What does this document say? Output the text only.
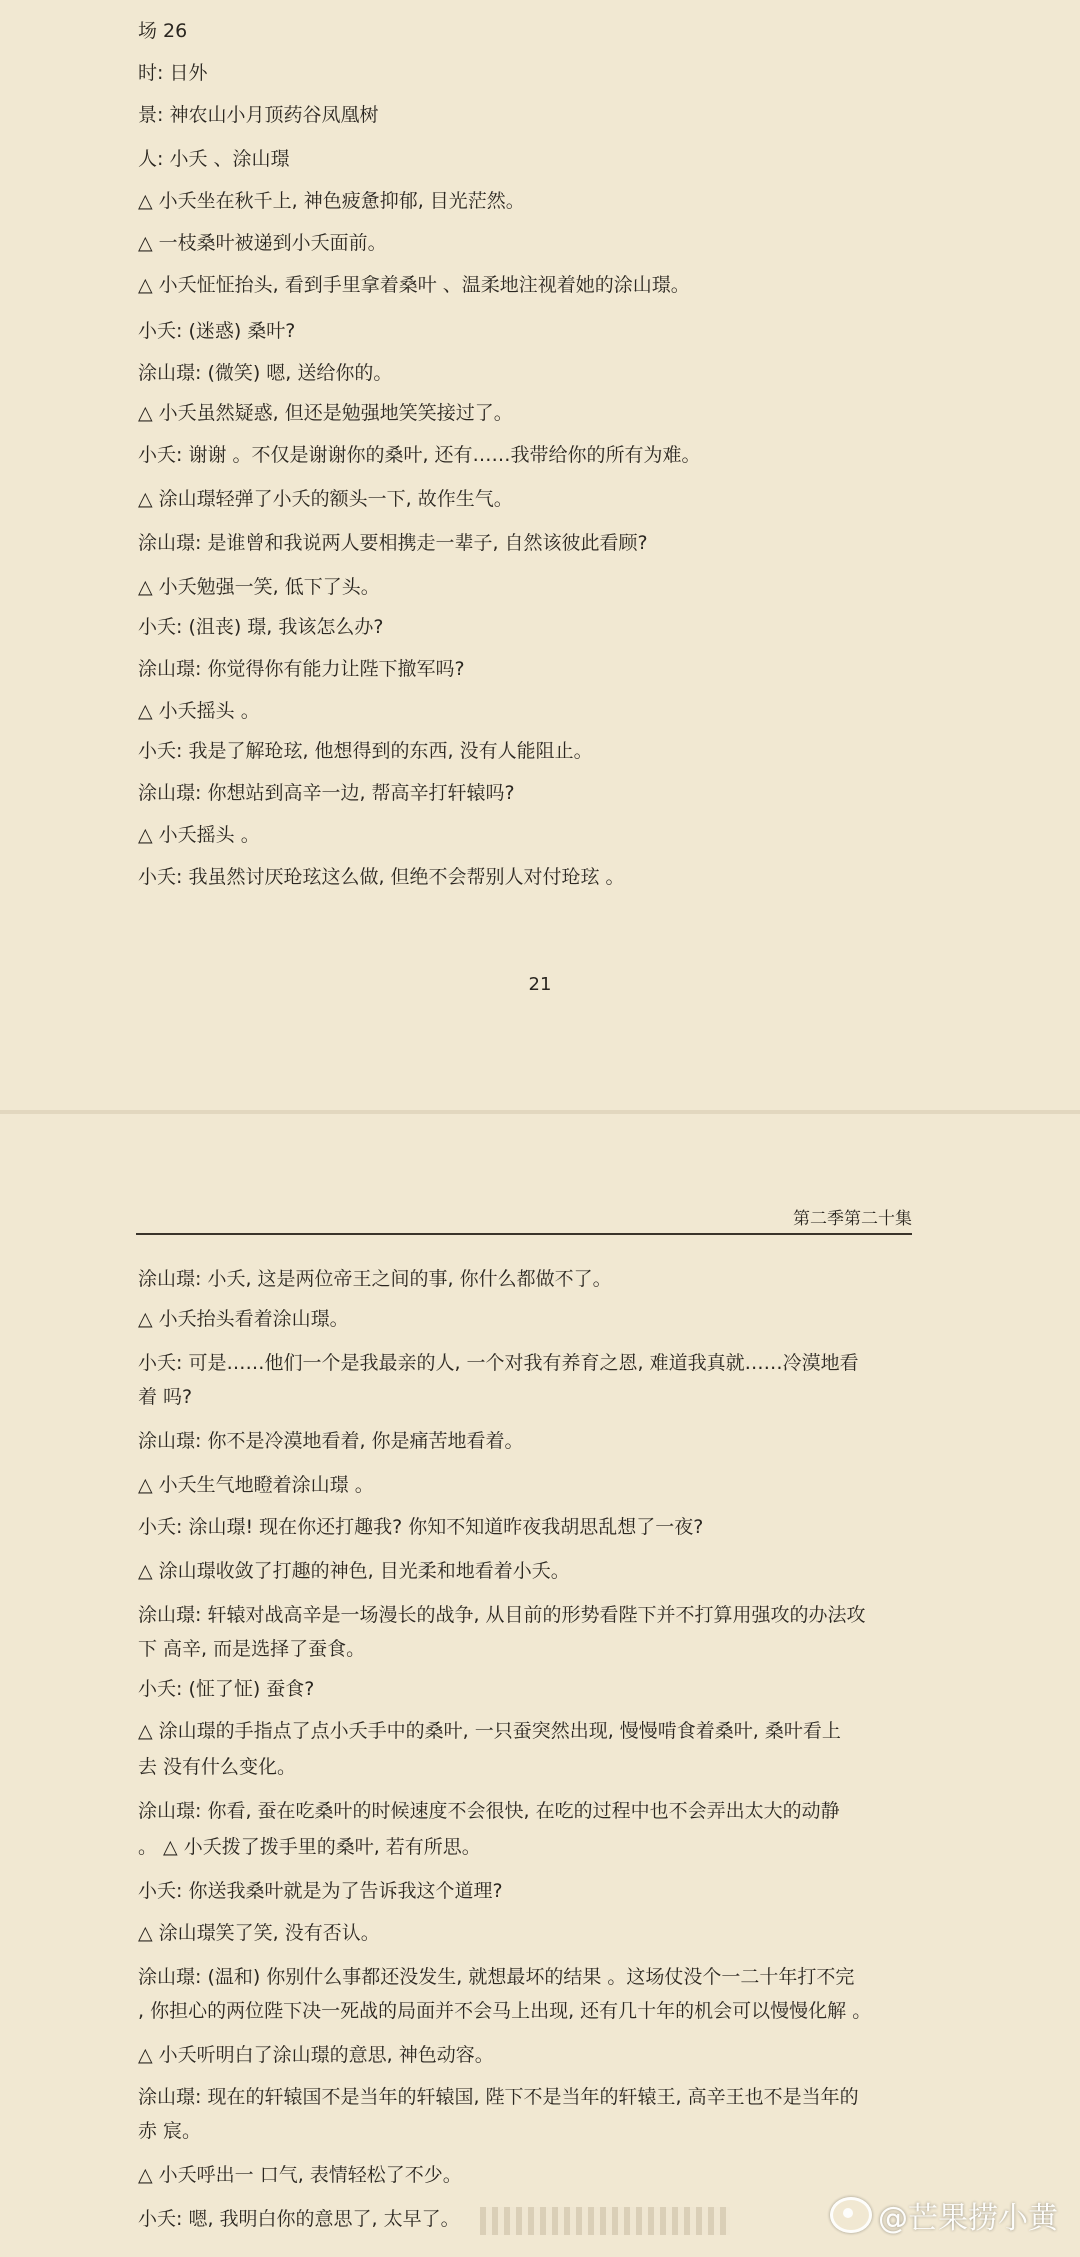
场 26
时: 日外
景: 神农山小月顶药谷凤凰树
人: 小夭 、涂山璟
△ 小夭坐在秋千上, 神色疲惫抑郁, 目光茫然。
△ 一枝桑叶被递到小夭面前。
△ 小夭怔怔抬头, 看到手里拿着桑叶 、温柔地注视着她的涂山璟。
小夭: (迷惑) 桑叶?
涂山璟: (微笑) 嗯, 送给你的。
△ 小夭虽然疑惑, 但还是勉强地笑笑接过了。
小夭: 谢谢 。不仅是谢谢你的桑叶, 还有……我带给你的所有为难。
△ 涂山璟轻弹了小夭的额头一下, 故作生气。
涂山璟: 是谁曾和我说两人要相携走一辈子, 自然该彼此看顾?
△ 小夭勉强一笑, 低下了头。
小夭: (沮丧) 璟, 我该怎么办?
涂山璟: 你觉得你有能力让陛下撤军吗?
△ 小夭摇头 。
小夭: 我是了解玱玹, 他想得到的东西, 没有人能阻止。
涂山璟: 你想站到高辛一边, 帮高辛打轩辕吗?
△ 小夭摇头 。
小夭: 我虽然讨厌玱玹这么做, 但绝不会帮别人对付玱玹 。
21
第二季第二十集
涂山璟: 小夭, 这是两位帝王之间的事, 你什么都做不了。
△ 小夭抬头看着涂山璟。
小夭: 可是……他们一个是我最亲的人, 一个对我有养育之恩, 难道我真就……冷漠地看
着 吗?
涂山璟: 你不是冷漠地看着, 你是痛苦地看着。
△ 小夭生气地瞪着涂山璟 。
小夭: 涂山璟! 现在你还打趣我? 你知不知道昨夜我胡思乱想了一夜?
△ 涂山璟收敛了打趣的神色, 目光柔和地看着小夭。
涂山璟: 轩辕对战高辛是一场漫长的战争, 从目前的形势看陛下并不打算用强攻的办法攻
下 高辛, 而是选择了蚕食。
小夭: (怔了怔) 蚕食?
△ 涂山璟的手指点了点小夭手中的桑叶, 一只蚕突然出现, 慢慢啃食着桑叶, 桑叶看上
去 没有什么变化。
涂山璟: 你看, 蚕在吃桑叶的时候速度不会很快, 在吃的过程中也不会弄出太大的动静
。 △ 小夭拨了拨手里的桑叶, 若有所思。
小夭: 你送我桑叶就是为了告诉我这个道理?
△ 涂山璟笑了笑, 没有否认。
涂山璟: (温和) 你别什么事都还没发生, 就想最坏的结果 。这场仗没个一二十年打不完
, 你担心的两位陛下决一死战的局面并不会马上出现, 还有几十年的机会可以慢慢化解 。
△ 小夭听明白了涂山璟的意思, 神色动容。
涂山璟: 现在的轩辕国不是当年的轩辕国, 陛下不是当年的轩辕王, 高辛王也不是当年的
赤 宸。
△ 小夭呼出一 口气, 表情轻松了不少。
小夭: 嗯, 我明白你的意思了, 太早了。	@芒果捞小黄
